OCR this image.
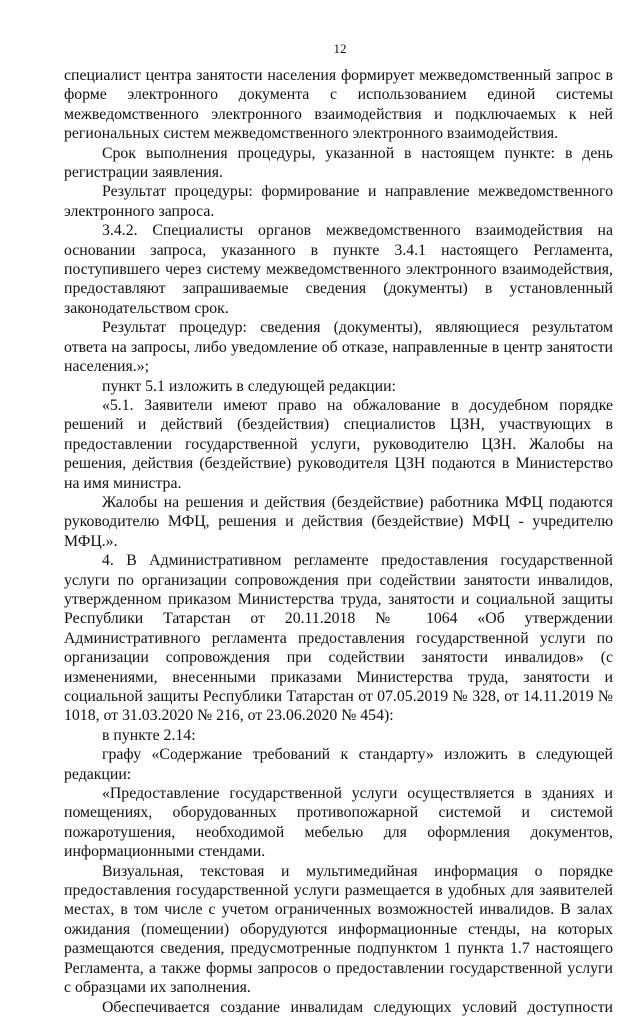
12

специалист центра занятости населения формирует межведомственный запрос в форме электронного документа с использованием единой системы межведомственного электронного взаимодействия и подключаемых к ней региональных систем межведомственного электронного взаимодействия.

Срок выполнения процедуры, указанной в настоящем пункте: в день регистрации заявления.

Результат процедуры: формирование и направление межведомственного электронного запроса.

3.4.2. Специалисты органов межведомственного взаимодействия на основании запроса, указанного в пункте 3.4.1 настоящего Регламента, поступившего через систему межведомственного электронного взаимодействия, предоставляют запрашиваемые сведения (документы) в установленный законодательством срок.

Результат процедур: сведения (документы), являющиеся результатом ответа на запросы, либо уведомление об отказе, направленные в центр занятости населения.»;

пункт 5.1 изложить в следующей редакции:

«5.1. Заявители имеют право на обжалование в досудебном порядке решений и действий (бездействия) специалистов ЦЗН, участвующих в предоставлении государственной услуги, руководителю ЦЗН. Жалобы на решения, действия (бездействие) руководителя ЦЗН подаются в Министерство на имя министра.

Жалобы на решения и действия (бездействие) работника МФЦ подаются руководителю МФЦ, решения и действия (бездействие) МФЦ - учредителю МФЦ.».

4. В Административном регламенте предоставления государственной услуги по организации сопровождения при содействии занятости инвалидов, утвержденном приказом Министерства труда, занятости и социальной защиты Республики Татарстан от 20.11.2018 № 1064 «Об утверждении Административного регламента предоставления государственной услуги по организации сопровождения при содействии занятости инвалидов» (с изменениями, внесенными приказами Министерства труда, занятости и социальной защиты Республики Татарстан от 07.05.2019 № 328, от 14.11.2019 № 1018, от 31.03.2020 № 216, от 23.06.2020 № 454):

в пункте 2.14:

графу «Содержание требований к стандарту» изложить в следующей редакции:

«Предоставление государственной услуги осуществляется в зданиях и помещениях, оборудованных противопожарной системой и системой пожаротушения, необходимой мебелью для оформления документов, информационными стендами.

Визуальная, текстовая и мультимедийная информация о порядке предоставления государственной услуги размещается в удобных для заявителей местах, в том числе с учетом ограниченных возможностей инвалидов. В залах ожидания (помещении) оборудуются информационные стенды, на которых размещаются сведения, предусмотренные подпунктом 1 пункта 1.7 настоящего Регламента, а также формы запросов о предоставлении государственной услуги с образцами их заполнения.

Обеспечивается создание инвалидам следующих условий доступности
